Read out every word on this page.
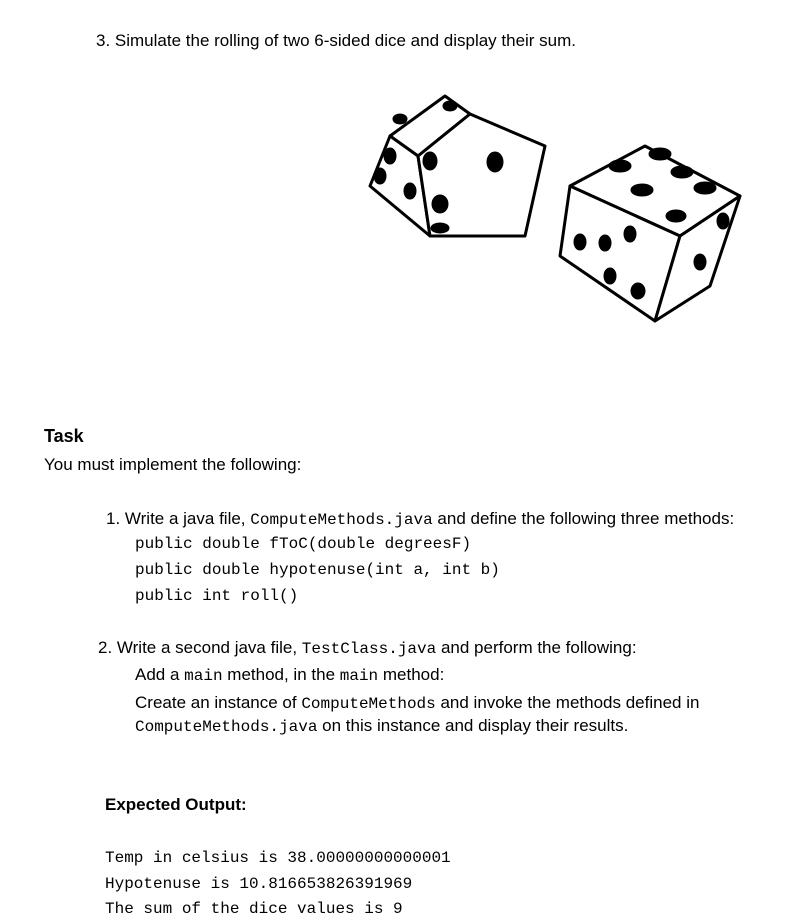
3. Simulate the rolling of two 6-sided dice and display their sum.
Task
You must implement the following:
1. Write a java file, ComputeMethods.java and define the following three methods:
public double fToC(double degreesF)
public double hypotenuse(int a, int b)
public int roll()
2. Write a second java file, TestClass.java and perform the following:
Add a main method, in the main method:
Create an instance of ComputeMethods and invoke the methods defined in
ComputeMethods.java on this instance and display their results.
Expected Output:
Temp in celsius is 38.00000000000001
Hypotenuse is 10.816653826391969
The sum of the dice values is 9
